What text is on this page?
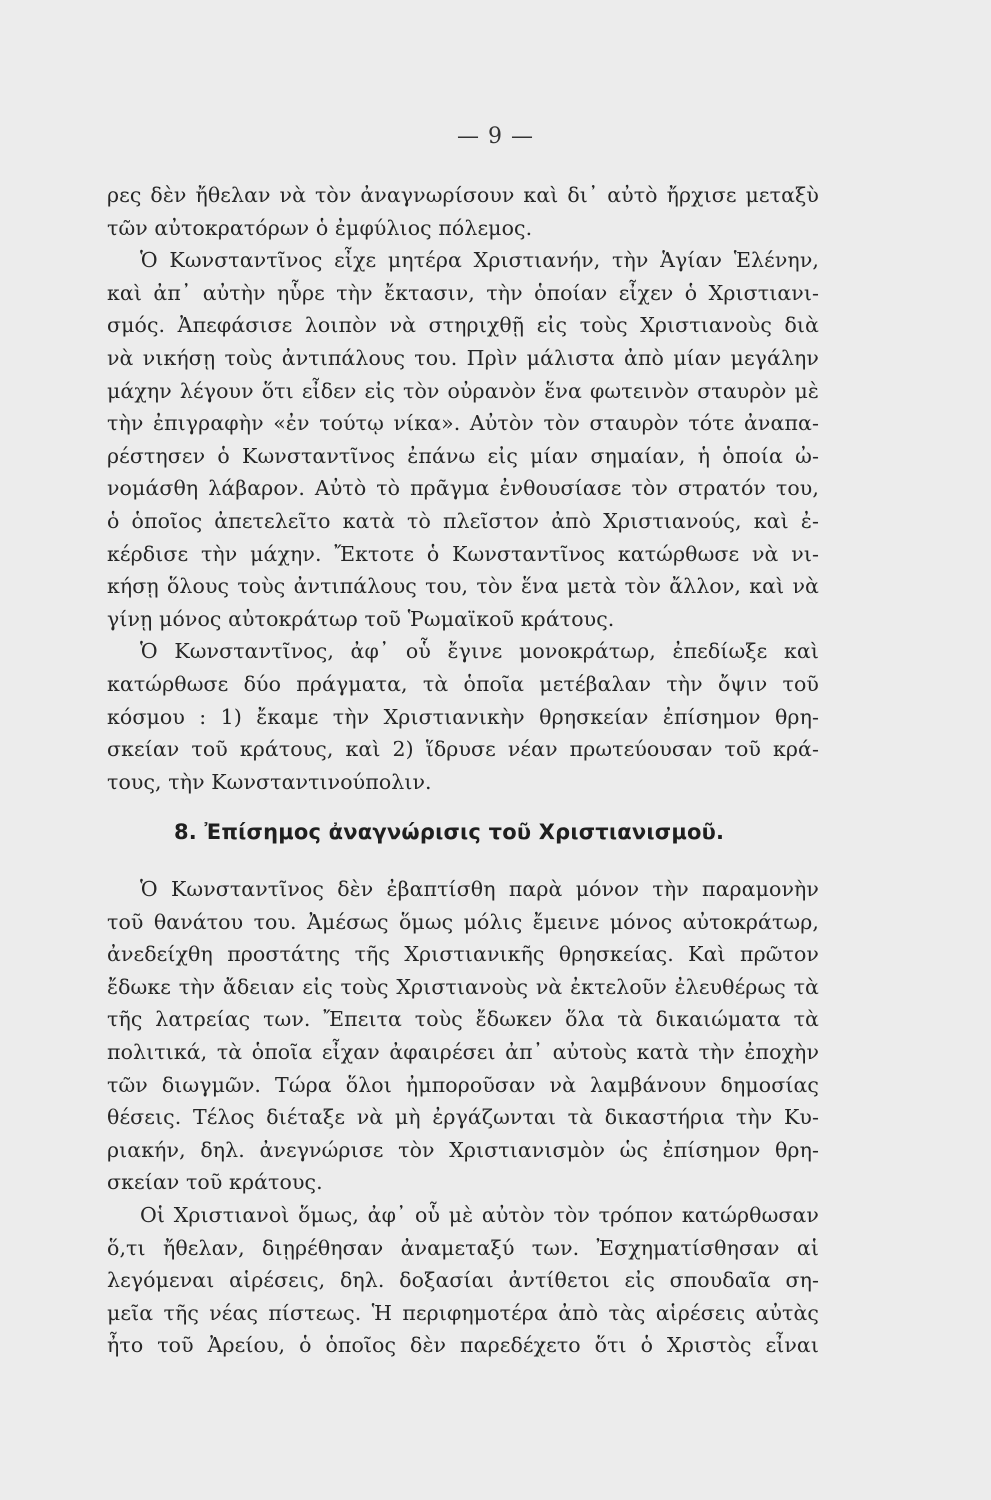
— 9 —
ρες δὲν ἤθελαν νὰ τὸν ἀναγνωρίσουν καὶ δι᾽ αὐτὸ ἤρχισε μεταξὺ
τῶν αὐτοκρατόρων ὁ ἐμφύλιος πόλεμος.
Ὁ Κωνσταντῖνος εἶχε μητέρα Χριστιανήν, τὴν Ἁγίαν Ἑλένην,
καὶ ἀπ᾽ αὐτὴν ηὗρε τὴν ἔκτασιν, τὴν ὁποίαν εἶχεν ὁ Χριστιανι-
σμός. Ἀπεφάσισε λοιπὸν νὰ στηριχθῇ εἰς τοὺς Χριστιανοὺς διὰ
νὰ νικήσῃ τοὺς ἀντιπάλους του. Πρὶν μάλιστα ἀπὸ μίαν μεγάλην
μάχην λέγουν ὅτι εἶδεν εἰς τὸν οὐρανὸν ἕνα φωτεινὸν σταυρὸν μὲ
τὴν ἐπιγραφὴν «ἐν τούτῳ νίκα». Αὐτὸν τὸν σταυρὸν τότε ἀναπα-
ρέστησεν ὁ Κωνσταντῖνος ἐπάνω εἰς μίαν σημαίαν, ἡ ὁποία ὠ-
νομάσθη λάβαρον. Αὐτὸ τὸ πρᾶγμα ἐνθουσίασε τὸν στρατόν του,
ὁ ὁποῖος ἀπετελεῖτο κατὰ τὸ πλεῖστον ἀπὸ Χριστιανούς, καὶ ἐ-
κέρδισε τὴν μάχην. Ἔκτοτε ὁ Κωνσταντῖνος κατώρθωσε νὰ νι-
κήσῃ ὅλους τοὺς ἀντιπάλους του, τὸν ἕνα μετὰ τὸν ἄλλον, καὶ νὰ
γίνῃ μόνος αὐτοκράτωρ τοῦ Ῥωμαϊκοῦ κράτους.
Ὁ Κωνσταντῖνος, ἀφ᾽ οὗ ἔγινε μονοκράτωρ, ἐπεδίωξε καὶ
κατώρθωσε δύο πράγματα, τὰ ὁποῖα μετέβαλαν τὴν ὄψιν τοῦ
κόσμου : 1) ἔκαμε τὴν Χριστιανικὴν θρησκείαν ἐπίσημον θρη-
σκείαν τοῦ κράτους, καὶ 2) ἵδρυσε νέαν πρωτεύουσαν τοῦ κρά-
τους, τὴν Κωνσταντινούπολιν.
8. Ἐπίσημος ἀναγνώρισις τοῦ Χριστιανισμοῦ.
Ὁ Κωνσταντῖνος δὲν ἐβαπτίσθη παρὰ μόνον τὴν παραμονὴν
τοῦ θανάτου του. Ἀμέσως ὅμως μόλις ἔμεινε μόνος αὐτοκράτωρ,
ἀνεδείχθη προστάτης τῆς Χριστιανικῆς θρησκείας. Καὶ πρῶτον
ἔδωκε τὴν ἄδειαν εἰς τοὺς Χριστιανοὺς νὰ ἐκτελοῦν ἐλευθέρως τὰ
τῆς λατρείας των. Ἔπειτα τοὺς ἔδωκεν ὅλα τὰ δικαιώματα τὰ
πολιτικά, τὰ ὁποῖα εἶχαν ἀφαιρέσει ἀπ᾽ αὐτοὺς κατὰ τὴν ἐποχὴν
τῶν διωγμῶν. Τώρα ὅλοι ἠμποροῦσαν νὰ λαμβάνουν δημοσίας
θέσεις. Τέλος διέταξε νὰ μὴ ἐργάζωνται τὰ δικαστήρια τὴν Κυ-
ριακήν, δηλ. ἀνεγνώρισε τὸν Χριστιανισμὸν ὡς ἐπίσημον θρη-
σκείαν τοῦ κράτους.
Οἱ Χριστιανοὶ ὅμως, ἀφ᾽ οὗ μὲ αὐτὸν τὸν τρόπον κατώρθωσαν
ὅ,τι ἤθελαν, διῃρέθησαν ἀναμεταξύ των. Ἐσχηματίσθησαν αἱ
λεγόμεναι αἱρέσεις, δηλ. δοξασίαι ἀντίθετοι εἰς σπουδαῖα ση-
μεῖα τῆς νέας πίστεως. Ἡ περιφημοτέρα ἀπὸ τὰς αἱρέσεις αὐτὰς
ἦτο τοῦ Ἀρείου, ὁ ὁποῖος δὲν παρεδέχετο ὅτι ὁ Χριστὸς εἶναι
